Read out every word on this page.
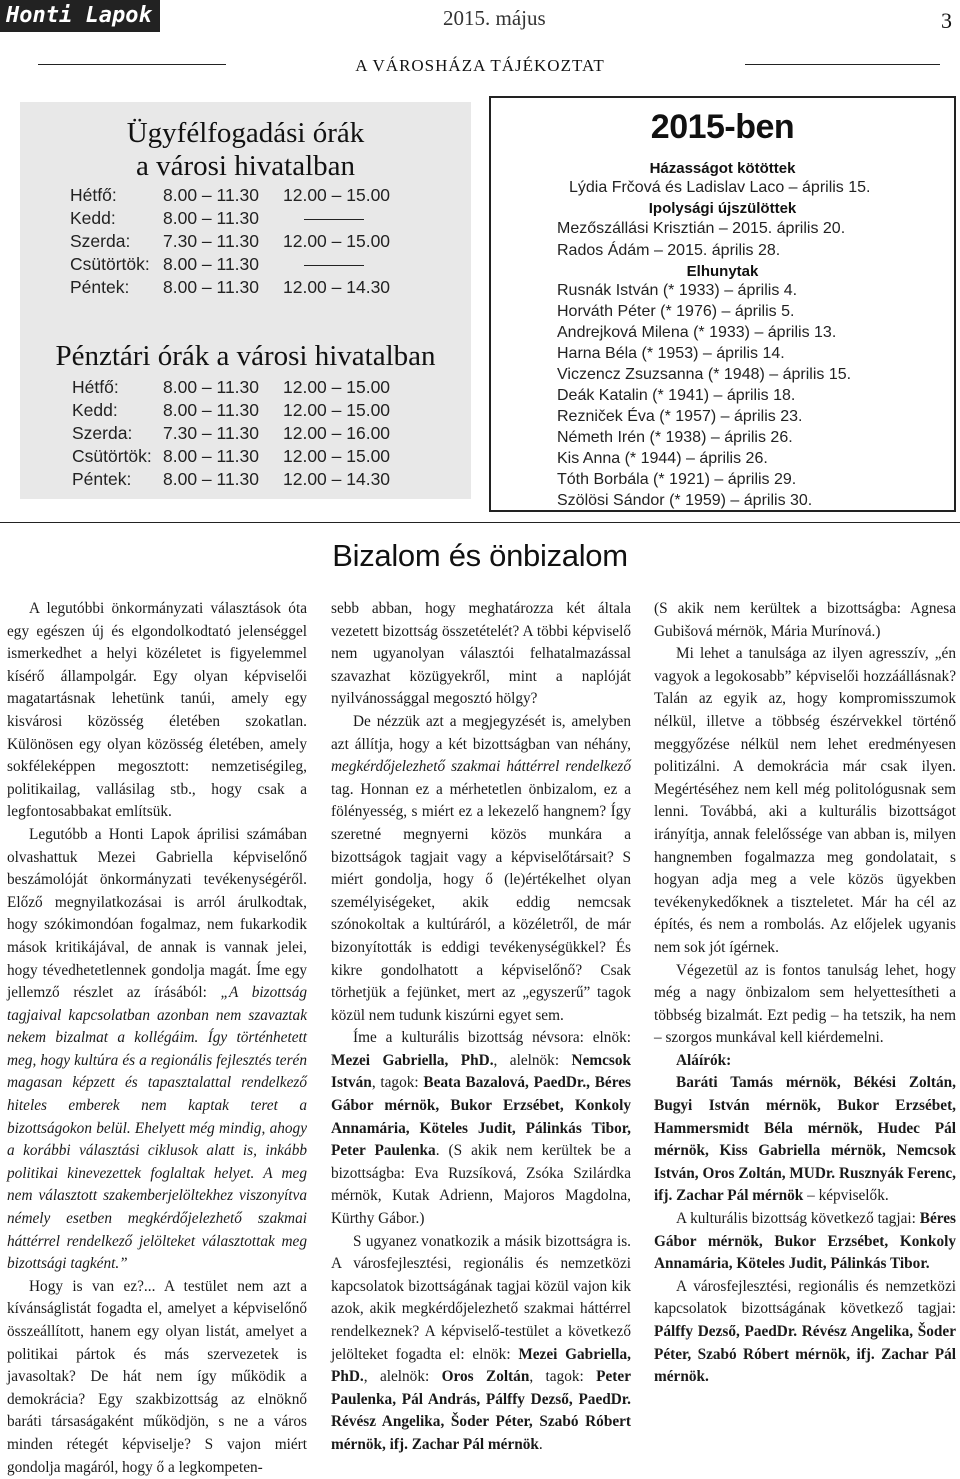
Honti Lapok	2015. május	3
A VÁROSHÁZA TÁJÉKOZTAT
Ügyfélfogadási órák
a városi hivatalban
Hétfő:	8.00 – 11.30 12.00 – 15.00
Kedd:	8.00 – 11.30
Szerda: 7.30 – 11.30 12.00 – 15.00
Csütörtök: 8.00 – 11.30
Péntek: 8.00 – 11.30 12.00 – 14.30
Pénztári órák a városi hivatalban
Hétfő:	8.00 – 11.30 12.00 – 15.00
Kedd:	8.00 – 11.30 12.00 – 15.00
Szerda: 7.30 – 11.30 12.00 – 16.00
Csütörtök: 8.00 – 11.30 12.00 – 15.00
Péntek: 8.00 – 11.30 12.00 – 14.30
2015-ben
Házasságot kötöttek
Lýdia Frčová és Ladislav Laco – április 15.
Ipolysági újszülöttek
Mezőszállási Krisztián – 2015. április 20.
Rados Ádám – 2015. április 28.
Elhunytak
Rusnák István (* 1933) – április 4.
Horváth Péter (* 1976) – április 5.
Andrejková Milena (* 1933) – április 13.
Harna Béla (* 1953) – április 14.
Viczencz Zsuzsanna (* 1948) – április 15.
Deák Katalin (* 1941) – április 18.
Rezniček Éva (* 1957) – április 23.
Németh Irén (* 1938) – április 26.
Kis Anna (* 1944) – április 26.
Tóth Borbála (* 1921) – április 29.
Szölösi Sándor (* 1959) – április 30.
Bizalom és önbizalom

A legutóbbi önkormányzati választások óta egy egészen új és elgondolkodtató jelenséggel ismerkedhet a helyi közéletet is figyelemmel kísérő állampolgár. Egy olyan képviselői magatartásnak lehetünk tanúi, amely egy kisvárosi közösség életében szokatlan. Különösen egy olyan közösség életében, amely sokféleképpen megosztott: nemzetiségileg, politikailag, vallásilag stb., hogy csak a legfontosabbakat említsük.

Legutóbb a Honti Lapok áprilisi számában olvashattuk Mezei Gabriella képviselőnő beszámolóját önkormányzati tevékenységéről. Előző megnyilatkozásai is arról árulkodtak, hogy szókimondóan fogalmaz, nem fukarkodik mások kritikájával, de annak is vannak jelei, hogy tévedhetetlennek gondolja magát. Íme egy jellemző részlet az írásából: „A bizottság tagjaival kapcsolatban azonban nem szavaztak nekem bizalmat a kollégáim. Így történhetett meg, hogy kultúra és a regionális fejlesztés terén magasan képzett és tapasztalattal rendelkező hiteles emberek nem kaptak teret a bizottságokon belül. Ehelyett még mindig, ahogy a korábbi választási ciklusok alatt is, inkább politikai kinevezettek foglaltak helyet. A meg nem választott szakemberjelöltekhez viszonyítva némely esetben megkérdőjelezhető szakmai háttérrel rendelkező jelölteket választottak meg bizottsági tagként.”

Hogy is van ez?... A testület nem azt a kívánságlistát fogadta el, amelyet a képviselőnő összeállított, hanem egy olyan listát, amelyet a politikai pártok és más szervezetek is javasoltak? De hát nem így működik a demokrácia? Egy szakbizottság az elnöknő baráti társaságaként működjön, s ne a város minden rétegét képviselje? S vajon miért gondolja magáról, hogy ő a legkompeten-

sebb abban, hogy meghatározza két általa vezetett bizottság összetételét? A többi képviselő nem ugyanolyan választói felhatalmazással szavazhat közügyekről, mint a naplóját nyilvánossággal megosztó hölgy?

De nézzük azt a megjegyzését is, amelyben azt állítja, hogy a két bizottságban van néhány, megkérdőjelezhető szakmai háttérrel rendelkező tag. Honnan ez a mérhetetlen önbizalom, ez a fölényesség, s miért ez a lekezelő hangnem? Így szeretné megnyerni közös munkára a bizottságok tagjait vagy a képviselőtársait? S miért gondolja, hogy ő (le)értékelhet olyan személyiségeket, akik eddig nemcsak szónokoltak a kultúráról, a közéletről, de már bizonyították is eddigi tevékenységükkel? És kikre gondolhatott a képviselőnő? Csak törhetjük a fejünket, mert az „egyszerű” tagok közül nem tudunk kiszúrni egyet sem.

Íme a kulturális bizottság névsora: elnök: Mezei Gabriella, PhD., alelnök: Nemcsok István, tagok: Beata Bazalová, PaedDr., Béres Gábor mérnök, Bukor Erzsébet, Konkoly Annamária, Köteles Judit, Pálinkás Tibor, Peter Paulenka. (S akik nem kerültek be a bizottságba: Eva Ruzsíková, Zsóka Szilárdka mérnök, Kutak Adrienn, Majoros Magdolna, Kürthy Gábor.)

S ugyanez vonatkozik a másik bizottságra is. A városfejlesztési, regionális és nemzetközi kapcsolatok bizottságának tagjai közül vajon kik azok, akik megkérdőjelezhető szakmai háttérrel rendelkeznek? A képviselő-testület a következő jelölteket fogadta el: elnök: Mezei Gabriella, PhD., alelnök: Oros Zoltán, tagok: Peter Paulenka, Pál András, Pálffy Dezső, PaedDr. Révész Angelika, Šoder Péter, Szabó Róbert mérnök, ifj. Zachar Pál mérnök.

(S akik nem kerültek a bizottságba: Agnesa Gubišová mérnök, Mária Murínová.)

Mi lehet a tanulsága az ilyen agresszív, „én vagyok a legokosabb” képviselői hozzáállásnak? Talán az egyik az, hogy kompromisszumok nélkül, illetve a többség észérvekkel történő meggyőzése nélkül nem lehet eredményesen politizálni. A demokrácia már csak ilyen. Megértéséhez nem kell még politológusnak sem lenni. Továbbá, aki a kulturális bizottságot irányítja, annak felelőssége van abban is, milyen hangnemben fogalmazza meg gondolatait, s hogyan adja meg a vele közös ügyekben tevékenykedőknek a tiszteletet. Már ha cél az építés, és nem a rombolás. Az előjelek ugyanis nem sok jót ígérnek.

Végezetül az is fontos tanulság lehet, hogy még a nagy önbizalom sem helyettesítheti a többség bizalmát. Ezt pedig – ha tetszik, ha nem – szorgos munkával kell kiérdemelni.

Aláírók:

Baráti Tamás mérnök, Békési Zoltán, Bugyi István mérnök, Bukor Erzsébet, Hammersmidt Béla mérnök, Hudec Pál mérnök, Kiss Gabriella mérnök, Nemcsok István, Oros Zoltán, MUDr. Rusznyák Ferenc, ifj. Zachar Pál mérnök – képviselők.

A kulturális bizottság következő tagjai: Béres Gábor mérnök, Bukor Erzsébet, Konkoly Annamária, Köteles Judit, Pálinkás Tibor.

A városfejlesztési, regionális és nemzetközi kapcsolatok bizottságának következő tagjai: Pálffy Dezső, PaedDr. Révész Angelika, Šoder Péter, Szabó Róbert mérnök, ifj. Zachar Pál mérnök.
